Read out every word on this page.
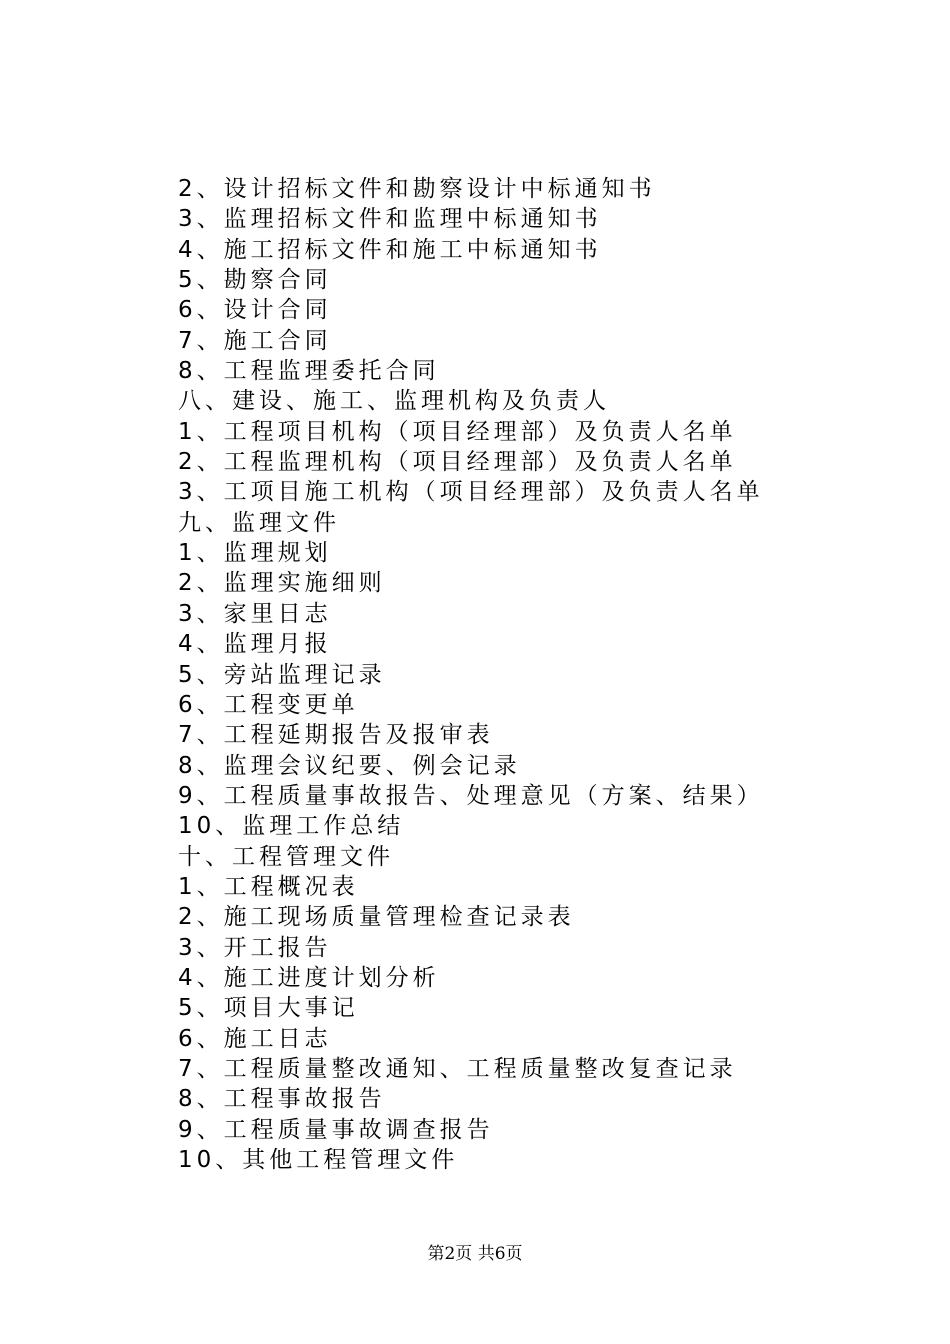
2、设计招标文件和勘察设计中标通知书
3、监理招标文件和监理中标通知书
4、施工招标文件和施工中标通知书
5、勘察合同
6、设计合同
7、施工合同
8、工程监理委托合同
八、建设、施工、监理机构及负责人
1、工程项目机构（项目经理部）及负责人名单
2、工程监理机构（项目经理部）及负责人名单
3、工项目施工机构（项目经理部）及负责人名单
九、监理文件
1、监理规划
2、监理实施细则
3、家里日志
4、监理月报
5、旁站监理记录
6、工程变更单
7、工程延期报告及报审表
8、监理会议纪要、例会记录
9、工程质量事故报告、处理意见（方案、结果）
10、监理工作总结
十、工程管理文件
1、工程概况表
2、施工现场质量管理检查记录表
3、开工报告
4、施工进度计划分析
5、项目大事记
6、施工日志
7、工程质量整改通知、工程质量整改复查记录
8、工程事故报告
9、工程质量事故调查报告
10、其他工程管理文件
第2页 共6页
